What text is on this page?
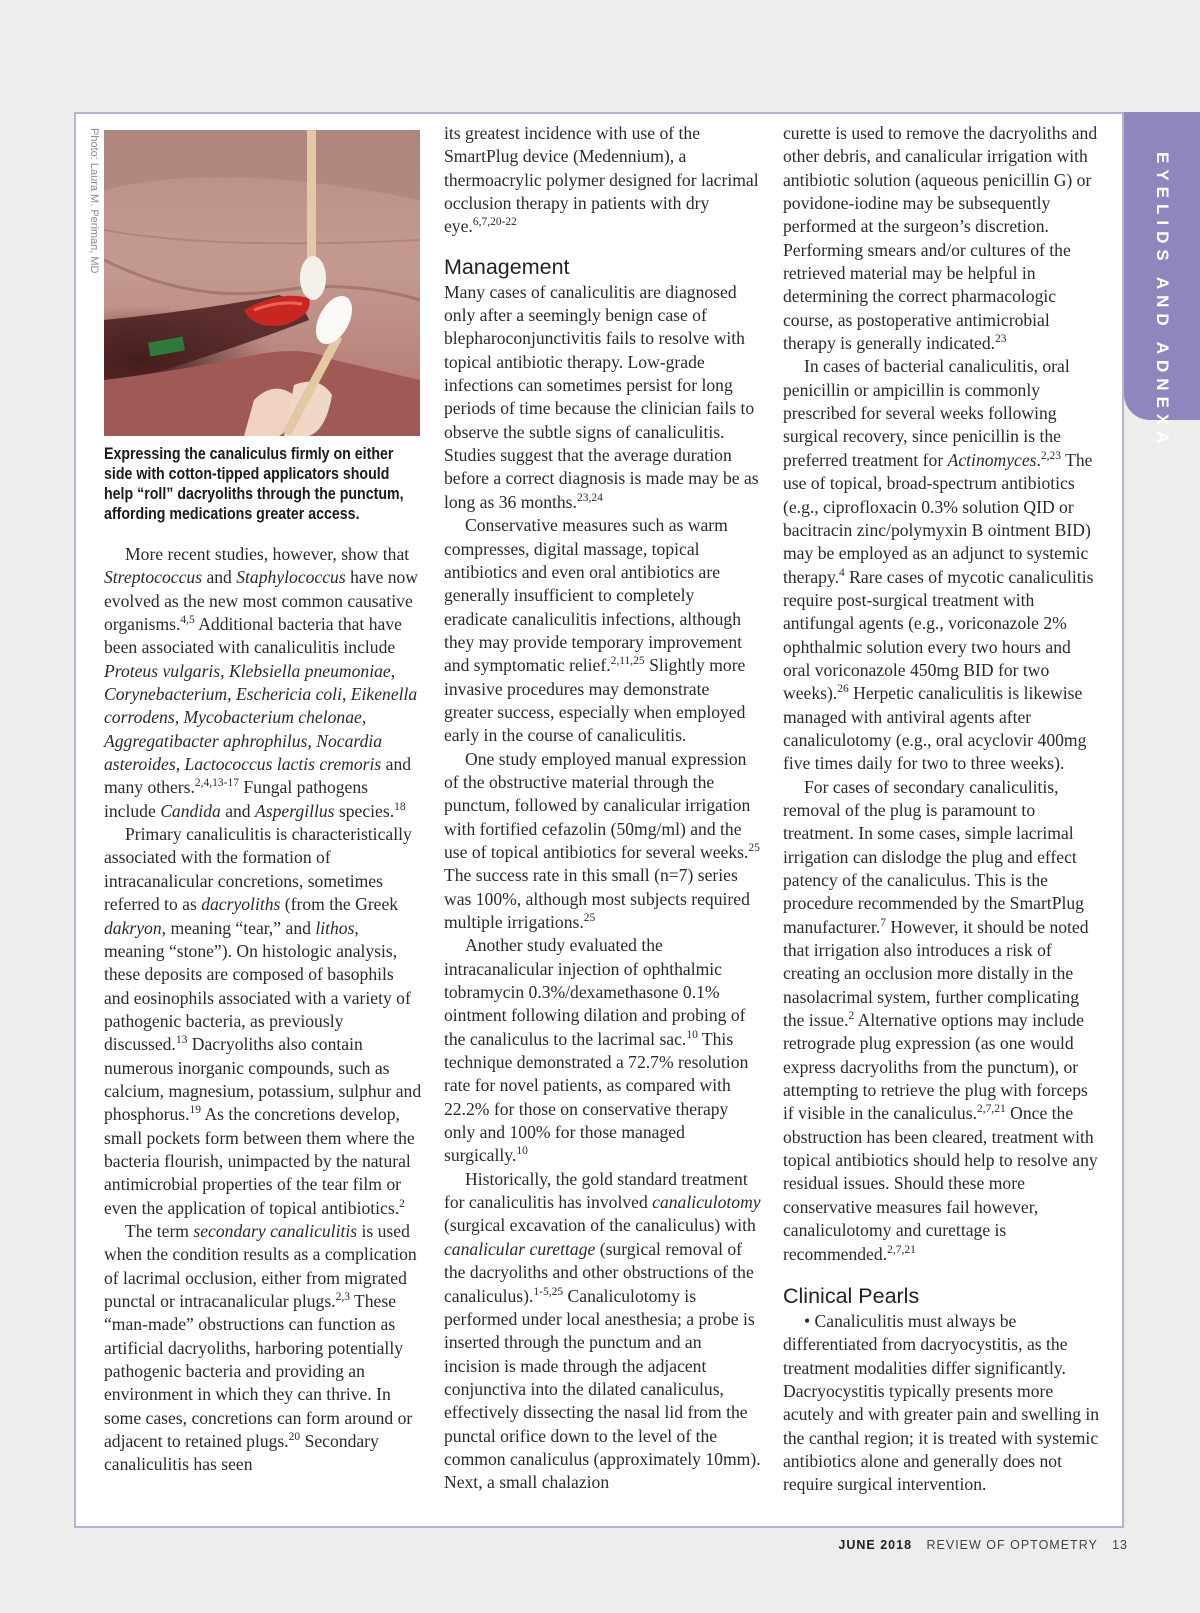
EYELIDS AND ADNEXA
Photo: Laura M. Periman, MD
Expressing the canaliculus firmly on either side with cotton-tipped applicators should help “roll” dacryoliths through the punctum, affording medications greater access.

More recent studies, however, show that Streptococcus and Staphylococcus have now evolved as the new most common causative organisms.$^{4,5}$ Additional bacteria that have been associated with canaliculitis include Proteus vulgaris, Klebsiella pneumoniae, Corynebacterium, Eschericia coli, Eikenella corrodens, Mycobacterium chelonae, Aggregatibacter aphrophilus, Nocardia asteroides, Lactococcus lactis cremoris and many others.$^{2,4,13-17}$ Fungal pathogens include Candida and Aspergillus species.$^{18}$

Primary canaliculitis is characteristically associated with the formation of intracanalicular concretions, sometimes referred to as dacryoliths (from the Greek dakryon, meaning “tear,” and lithos, meaning “stone”). On histologic analysis, these deposits are composed of basophils and eosinophils associated with a variety of pathogenic bacteria, as previously discussed.$^{13}$ Dacryoliths also contain numerous inorganic compounds, such as calcium, magnesium, potassium, sulphur and phosphorus.$^{19}$ As the concretions develop, small pockets form between them where the bacteria flourish, unimpacted by the natural antimicrobial properties of the tear film or even the application of topical antibiotics.$^2$

The term secondary canaliculitis is used when the condition results as a complication of lacrimal occlusion, either from migrated punctal or intracanalicular plugs.$^{2,3}$ These “man-made” obstructions can function as artificial dacryoliths, harboring potentially pathogenic bacteria and providing an environment in which they can thrive. In some cases, concretions can form around or adjacent to retained plugs.$^{20}$ Secondary canaliculitis has seen

its greatest incidence with use of the SmartPlug device (Medennium), a thermoacrylic polymer designed for lacrimal occlusion therapy in patients with dry eye.$^{6,7,20-22}$

Management

Many cases of canaliculitis are diagnosed only after a seemingly benign case of blepharoconjunctivitis fails to resolve with topical antibiotic therapy. Low-grade infections can sometimes persist for long periods of time because the clinician fails to observe the subtle signs of canaliculitis. Studies suggest that the average duration before a correct diagnosis is made may be as long as 36 months.$^{23,24}$

Conservative measures such as warm compresses, digital massage, topical antibiotics and even oral antibiotics are generally insufficient to completely eradicate canaliculitis infections, although they may provide temporary improvement and symptomatic relief.$^{2,11,25}$ Slightly more invasive procedures may demonstrate greater success, especially when employed early in the course of canaliculitis.

One study employed manual expression of the obstructive material through the punctum, followed by canalicular irrigation with fortified cefazolin (50mg/ml) and the use of topical antibiotics for several weeks.$^{25}$ The success rate in this small (n=7) series was 100%, although most subjects required multiple irrigations.$^{25}$

Another study evaluated the intracanalicular injection of ophthalmic tobramycin 0.3%/dexamethasone 0.1% ointment following dilation and probing of the canaliculus to the lacrimal sac.$^{10}$ This technique demonstrated a 72.7% resolution rate for novel patients, as compared with 22.2% for those on conservative therapy only and 100% for those managed surgically.$^{10}$

Historically, the gold standard treatment for canaliculitis has involved canaliculotomy (surgical excavation of the canaliculus) with canalicular curettage (surgical removal of the dacryoliths and other obstructions of the canaliculus).$^{1-5,25}$ Canaliculotomy is performed under local anesthesia; a probe is inserted through the punctum and an incision is made through the adjacent conjunctiva into the dilated canaliculus, effectively dissecting the nasal lid from the punctal orifice down to the level of the common canaliculus (approximately 10mm). Next, a small chalazion

curette is used to remove the dacryoliths and other debris, and canalicular irrigation with antibiotic solution (aqueous penicillin G) or povidone-iodine may be subsequently performed at the surgeon’s discretion. Performing smears and/or cultures of the retrieved material may be helpful in determining the correct pharmacologic course, as postoperative antimicrobial therapy is generally indicated.$^{23}$

In cases of bacterial canaliculitis, oral penicillin or ampicillin is commonly prescribed for several weeks following surgical recovery, since penicillin is the preferred treatment for Actinomyces.$^{2,23}$ The use of topical, broad-spectrum antibiotics (e.g., ciprofloxacin 0.3% solution QID or bacitracin zinc/polymyxin B ointment BID) may be employed as an adjunct to systemic therapy.$^4$ Rare cases of mycotic canaliculitis require post-surgical treatment with antifungal agents (e.g., voriconazole 2% ophthalmic solution every two hours and oral voriconazole 450mg BID for two weeks).$^{26}$ Herpetic canaliculitis is likewise managed with antiviral agents after canaliculotomy (e.g., oral acyclovir 400mg five times daily for two to three weeks).

For cases of secondary canaliculitis, removal of the plug is paramount to treatment. In some cases, simple lacrimal irrigation can dislodge the plug and effect patency of the canaliculus. This is the procedure recommended by the SmartPlug manufacturer.$^7$ However, it should be noted that irrigation also introduces a risk of creating an occlusion more distally in the nasolacrimal system, further complicating the issue.$^2$ Alternative options may include retrograde plug expression (as one would express dacryoliths from the punctum), or attempting to retrieve the plug with forceps if visible in the canaliculus.$^{2,7,21}$ Once the obstruction has been cleared, treatment with topical antibiotics should help to resolve any residual issues. Should these more conservative measures fail however, canaliculotomy and curettage is recommended.$^{2,7,21}$

Clinical Pearls

• Canaliculitis must always be differentiated from dacryocystitis, as the treatment modalities differ significantly. Dacryocystitis typically presents more acutely and with greater pain and swelling in the canthal region; it is treated with systemic antibiotics alone and generally does not require surgical intervention.

JUNE 2018 REVIEW OF OPTOMETRY 13
